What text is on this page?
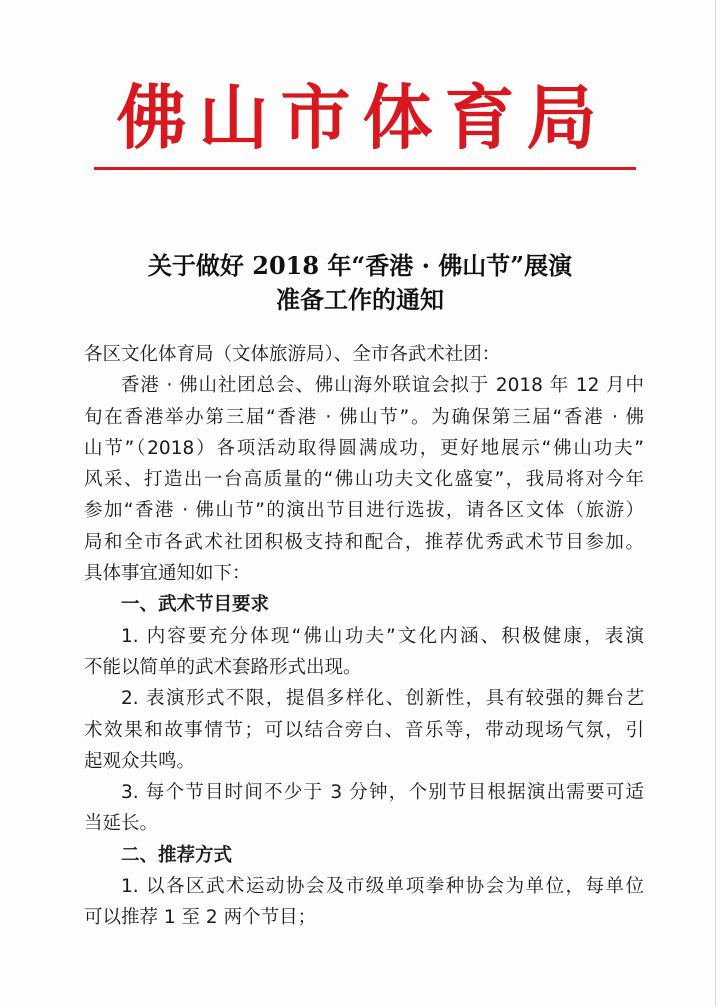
佛山市体育局
关于做好 2018 年“香港 · 佛山节”展演
准备工作的通知
各区文化体育局（文体旅游局）、全市各武术社团：
香港 · 佛山社团总会、佛山海外联谊会拟于 2018 年 12 月中
旬在香港举办第三届“香港 · 佛山节”。为确保第三届“香港 · 佛
山节”（2018）各项活动取得圆满成功，更好地展示“佛山功夫”
风采、打造出一台高质量的“佛山功夫文化盛宴”，我局将对今年
参加“香港 · 佛山节”的演出节目进行选拔，请各区文体（旅游）
局和全市各武术社团积极支持和配合，推荐优秀武术节目参加。
具体事宜通知如下：
一、武术节目要求
1. 内容要充分体现“佛山功夫”文化内涵、积极健康，表演
不能以简单的武术套路形式出现。
2. 表演形式不限，提倡多样化、创新性，具有较强的舞台艺
术效果和故事情节；可以结合旁白、音乐等，带动现场气氛，引
起观众共鸣。
3. 每个节目时间不少于 3 分钟，个别节目根据演出需要可适
当延长。
二、推荐方式
1. 以各区武术运动协会及市级单项拳种协会为单位，每单位
可以推荐 1 至 2 两个节目；
